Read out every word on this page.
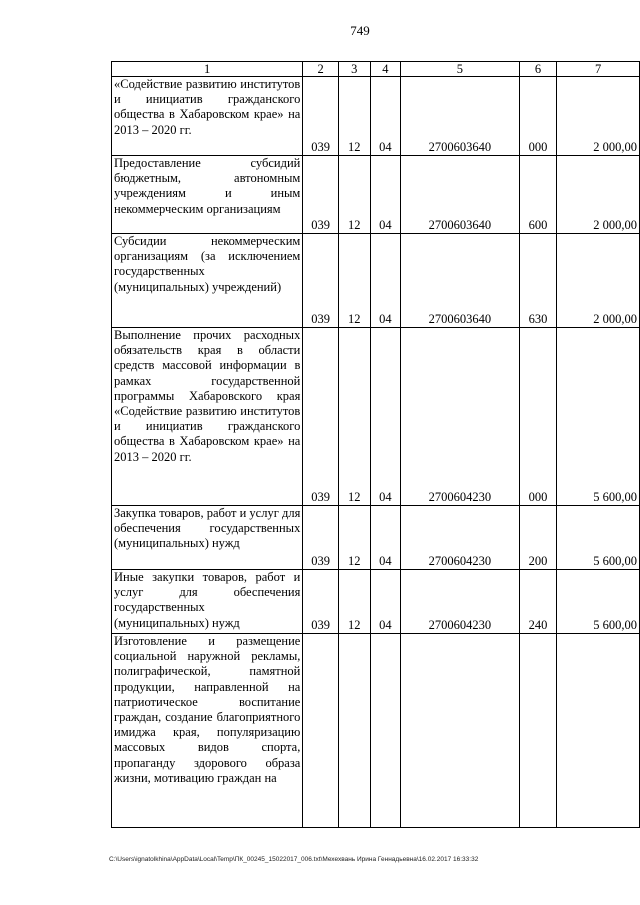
749
1	2	3	4	5	6	7
«Содействие развитию институтов и инициатив гражданского общества в Хабаровском крае» на 2013 – 2020 гг.	039	12	04	2700603640	000	2 000,00
Предоставление субсидий бюджетным, автономным учреждениям и иным некоммерческим организациям	039	12	04	2700603640	600	2 000,00
Субсидии некоммерческим организациям (за исключением государственных (муниципальных) учреждений)	039	12	04	2700603640	630	2 000,00
Выполнение прочих расходных обязательств края в области средств массовой информации в рамках государственной программы Хабаровского края «Содействие развитию институтов и инициатив гражданского общества в Хабаровском крае» на 2013 – 2020 гг.	039	12	04	2700604230	000	5 600,00
Закупка товаров, работ и услуг для обеспечения государственных (муниципальных) нужд	039	12	04	2700604230	200	5 600,00
Иные закупки товаров, работ и услуг для обеспечения государственных (муниципальных) нужд	039	12	04	2700604230	240	5 600,00
Изготовление и размещение социальной наружной рекламы, полиграфической, памятной продукции, направленной на патриотическое воспитание граждан, создание благоприятного имиджа края, популяризацию массовых видов спорта, пропаганду здорового образа жизни, мотивацию граждан на						
C:\Users\ignatolkhina\AppData\Local\Temp\ПК_00245_15022017_006.txt\Мехехвань Ирина Геннадьевна\16.02.2017 16:33:32
